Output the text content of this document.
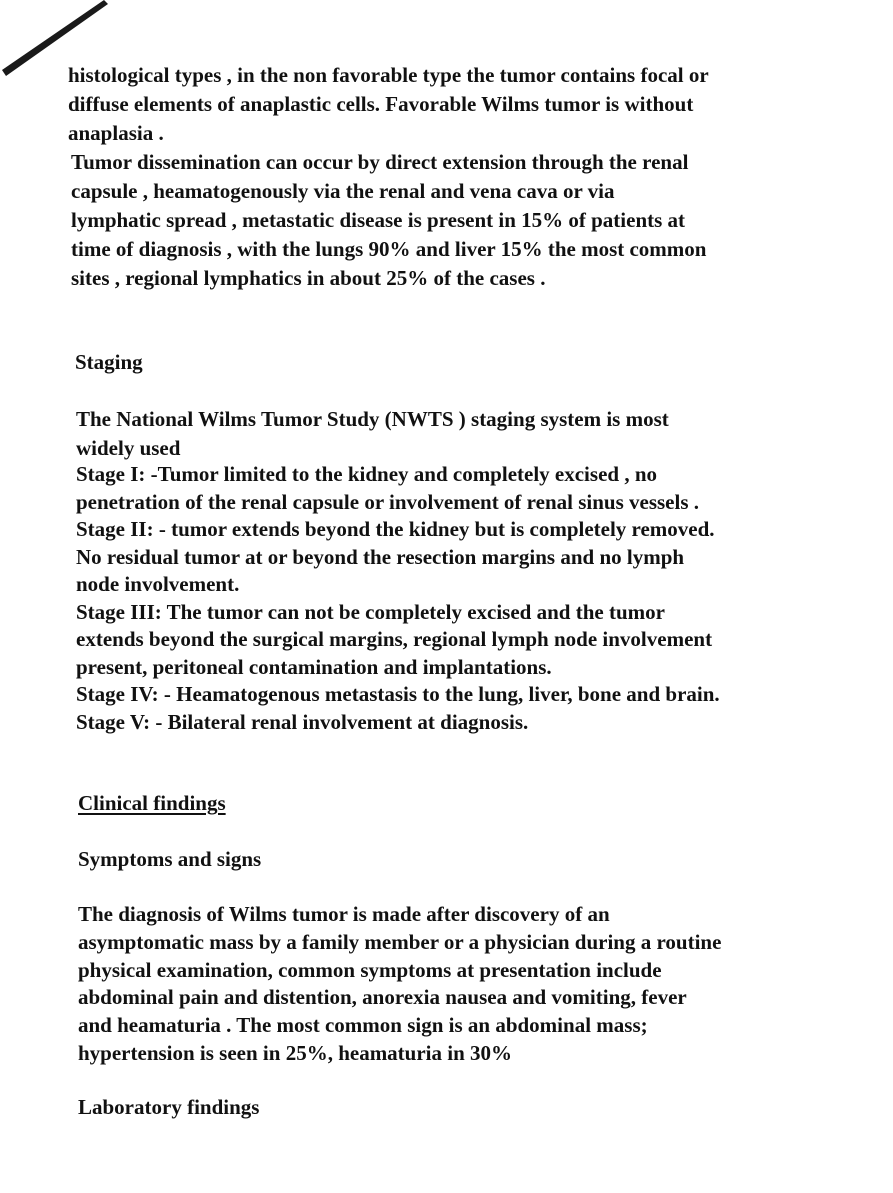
histological types , in the non favorable type the tumor contains focal or
diffuse elements of anaplastic cells. Favorable Wilms tumor is without
anaplasia .
Tumor dissemination can occur by direct extension through the renal
capsule , heamatogenously via the renal and vena cava or via
lymphatic spread , metastatic disease is present in 15% of patients at
time of diagnosis , with the lungs 90% and liver 15% the most common
sites , regional lymphatics in about 25% of the cases .
Staging
The National Wilms Tumor Study (NWTS ) staging system is most
widely used
Stage I: -Tumor limited to the kidney and completely excised , no
penetration of the renal capsule or involvement of renal sinus vessels .
Stage II: - tumor extends beyond the kidney but is completely removed.
No residual tumor at or beyond the resection margins and no lymph
node involvement.
Stage III: The tumor can not be completely excised and the tumor
extends beyond the surgical margins, regional lymph node involvement
present, peritoneal contamination and implantations.
Stage IV: - Heamatogenous metastasis to the lung, liver, bone and brain.
Stage V: - Bilateral renal involvement at diagnosis.
Clinical findings
Symptoms and signs
The diagnosis of Wilms tumor is made after discovery of an
asymptomatic mass by a family member or a physician during a routine
physical examination, common symptoms at presentation include
abdominal pain and distention, anorexia nausea and vomiting, fever
and heamaturia . The most common sign is an abdominal mass;
hypertension is seen in 25%, heamaturia in 30%
Laboratory findings
